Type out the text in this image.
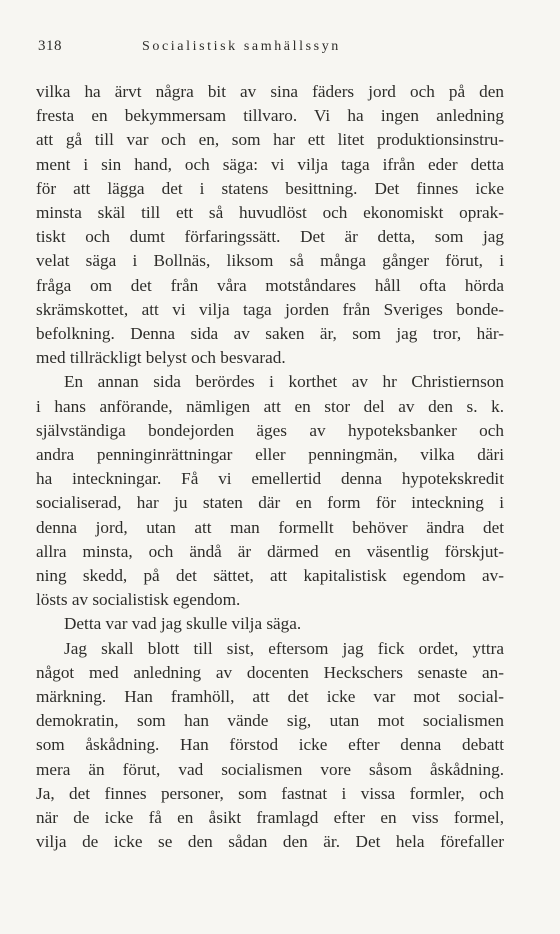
318	Socialistisk samhällssyn
vilka ha ärvt några bit av sina fäders jord och på den
fresta en bekymmersam tillvaro. Vi ha ingen anledning
att gå till var och en, som har ett litet produktionsinstru-
ment i sin hand, och säga: vi vilja taga ifrån eder detta
för att lägga det i statens besittning. Det finnes icke
minsta skäl till ett så huvudlöst och ekonomiskt oprak-
tiskt och dumt förfaringssätt. Det är detta, som jag
velat säga i Bollnäs, liksom så många gånger förut, i
fråga om det från våra motståndares håll ofta hörda
skrämskottet, att vi vilja taga jorden från Sveriges bonde-
befolkning. Denna sida av saken är, som jag tror, här-
med tillräckligt belyst och besvarad.
En annan sida berördes i korthet av hr Christiernson
i hans anförande, nämligen att en stor del av den s. k.
självständiga bondejorden äges av hypoteksbanker och
andra penninginrättningar eller penningmän, vilka däri
ha inteckningar. Få vi emellertid denna hypotekskredit
socialiserad, har ju staten där en form för inteckning i
denna jord, utan att man formellt behöver ändra det
allra minsta, och ändå är därmed en väsentlig förskjut-
ning skedd, på det sättet, att kapitalistisk egendom av-
lösts av socialistisk egendom.
Detta var vad jag skulle vilja säga.
Jag skall blott till sist, eftersom jag fick ordet, yttra
något med anledning av docenten Heckschers senaste an-
märkning. Han framhöll, att det icke var mot social-
demokratin, som han vände sig, utan mot socialismen
som åskådning. Han förstod icke efter denna debatt
mera än förut, vad socialismen vore såsom åskådning.
Ja, det finnes personer, som fastnat i vissa formler, och
när de icke få en åsikt framlagd efter en viss formel,
vilja de icke se den sådan den är. Det hela förefaller
